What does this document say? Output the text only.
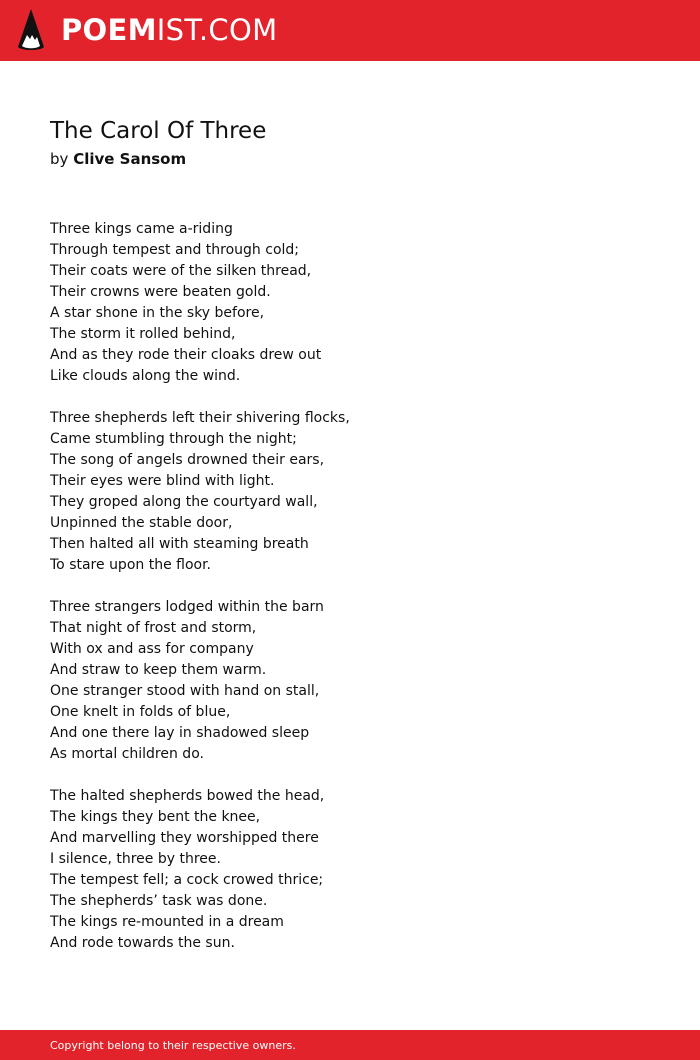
POEMIST.COM
The Carol Of Three
by Clive Sansom
Three kings came a-riding
Through tempest and through cold;
Their coats were of the silken thread,
Their crowns were beaten gold.
A star shone in the sky before,
The storm it rolled behind,
And as they rode their cloaks drew out
Like clouds along the wind.
Three shepherds left their shivering flocks,
Came stumbling through the night;
The song of angels drowned their ears,
Their eyes were blind with light.
They groped along the courtyard wall,
Unpinned the stable door,
Then halted all with steaming breath
To stare upon the floor.
Three strangers lodged within the barn
That night of frost and storm,
With ox and ass for company
And straw to keep them warm.
One stranger stood with hand on stall,
One knelt in folds of blue,
And one there lay in shadowed sleep
As mortal children do.
The halted shepherds bowed the head,
The kings they bent the knee,
And marvelling they worshipped there
I silence, three by three.
The tempest fell; a cock crowed thrice;
The shepherds’ task was done.
The kings re-mounted in a dream
And rode towards the sun.
Copyright belong to their respective owners.
